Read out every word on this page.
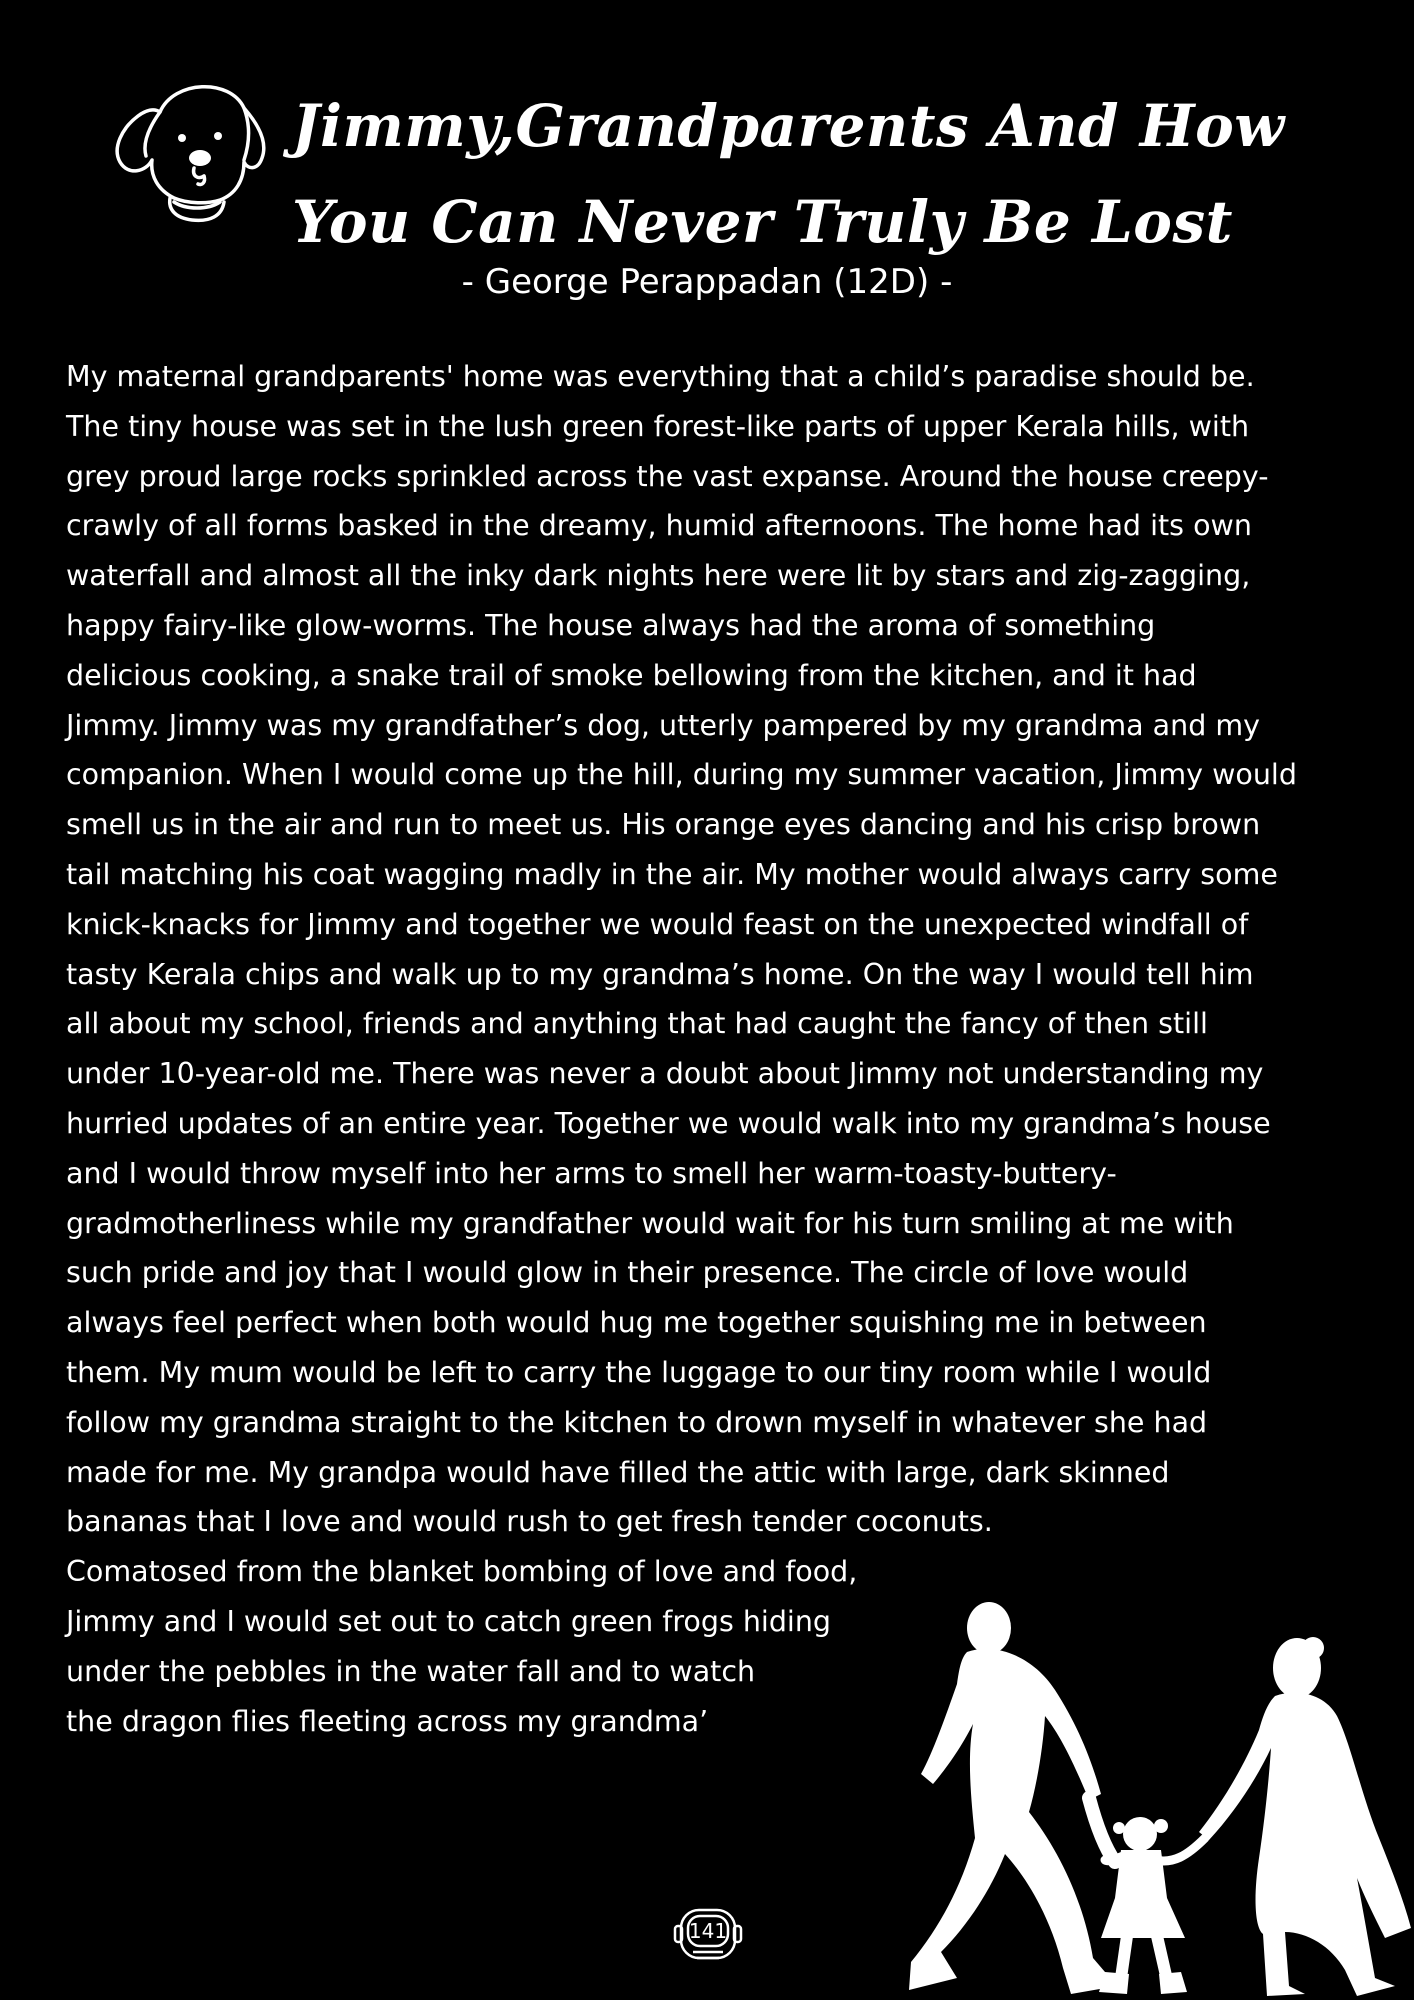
Jimmy,Grandparents And How
You Can Never Truly Be Lost
- George Perappadan (12D) -
My maternal grandparents' home was everything that a child’s paradise should be.
The tiny house was set in the lush green forest-like parts of upper Kerala hills, with
grey proud large rocks sprinkled across the vast expanse. Around the house creepy-
crawly of all forms basked in the dreamy, humid afternoons. The home had its own
waterfall and almost all the inky dark nights here were lit by stars and zig-zagging,
happy fairy-like glow-worms. The house always had the aroma of something
delicious cooking, a snake trail of smoke bellowing from the kitchen, and it had
Jimmy. Jimmy was my grandfather’s dog, utterly pampered by my grandma and my
companion. When I would come up the hill, during my summer vacation, Jimmy would
smell us in the air and run to meet us. His orange eyes dancing and his crisp brown
tail matching his coat wagging madly in the air. My mother would always carry some
knick-knacks for Jimmy and together we would feast on the unexpected windfall of
tasty Kerala chips and walk up to my grandma’s home. On the way I would tell him
all about my school, friends and anything that had caught the fancy of then still
under 10-year-old me. There was never a doubt about Jimmy not understanding my
hurried updates of an entire year. Together we would walk into my grandma’s house
and I would throw myself into her arms to smell her warm-toasty-buttery-
gradmotherliness while my grandfather would wait for his turn smiling at me with
such pride and joy that I would glow in their presence. The circle of love would
always feel perfect when both would hug me together squishing me in between
them. My mum would be left to carry the luggage to our tiny room while I would
follow my grandma straight to the kitchen to drown myself in whatever she had
made for me. My grandpa would have filled the attic with large, dark skinned
bananas that I love and would rush to get fresh tender coconuts.
Comatosed from the blanket bombing of love and food,
Jimmy and I would set out to catch green frogs hiding
under the pebbles in the water fall and to watch
the dragon flies fleeting across my grandma’
141
